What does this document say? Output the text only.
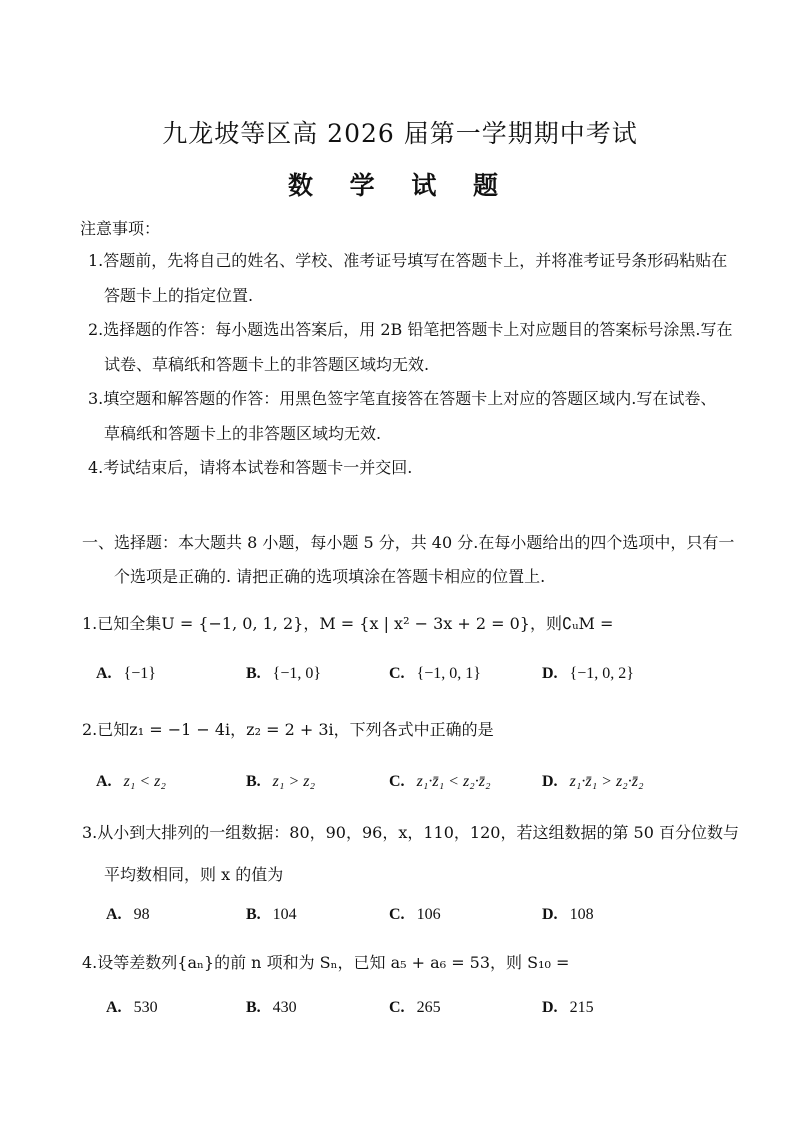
九龙坡等区高 2026 届第一学期期中考试
数 学 试 题
注意事项：
1.答题前，先将自己的姓名、学校、准考证号填写在答题卡上，并将准考证号条形码粘贴在
答题卡上的指定位置.
2.选择题的作答：每小题选出答案后，用 2B 铅笔把答题卡上对应题目的答案标号涂黑.写在
试卷、草稿纸和答题卡上的非答题区域均无效.
3.填空题和解答题的作答：用黑色签字笔直接答在答题卡上对应的答题区域内.写在试卷、
草稿纸和答题卡上的非答题区域均无效.
4.考试结束后，请将本试卷和答题卡一并交回.
一、选择题：本大题共 8 小题，每小题 5 分，共 40 分.在每小题给出的四个选项中，只有一
个选项是正确的. 请把正确的选项填涂在答题卡相应的位置上.
1.已知全集U = {−1, 0, 1, 2}，M = {x | x² − 3x + 2 = 0}，则∁ᵤM =
A. {−1}	B. {−1, 0}	C. {−1, 0, 1}	D. {−1, 0, 2}
2.已知z₁ = −1 − 4i，z₂ = 2 + 3i，下列各式中正确的是
A. z₁ < z₂	B. z₁ > z₂	C. z₁·z̄₁ < z₂·z̄₂	D. z₁·z̄₁ > z₂·z̄₂
3.从小到大排列的一组数据：80，90，96，x，110，120，若这组数据的第 50 百分位数与
平均数相同，则 x 的值为
A. 98	B. 104	C. 106	D. 108
4.设等差数列{aₙ}的前 n 项和为 Sₙ，已知 a₅ + a₆ = 53，则 S₁₀ =
A. 530	B. 430	C. 265	D. 215
